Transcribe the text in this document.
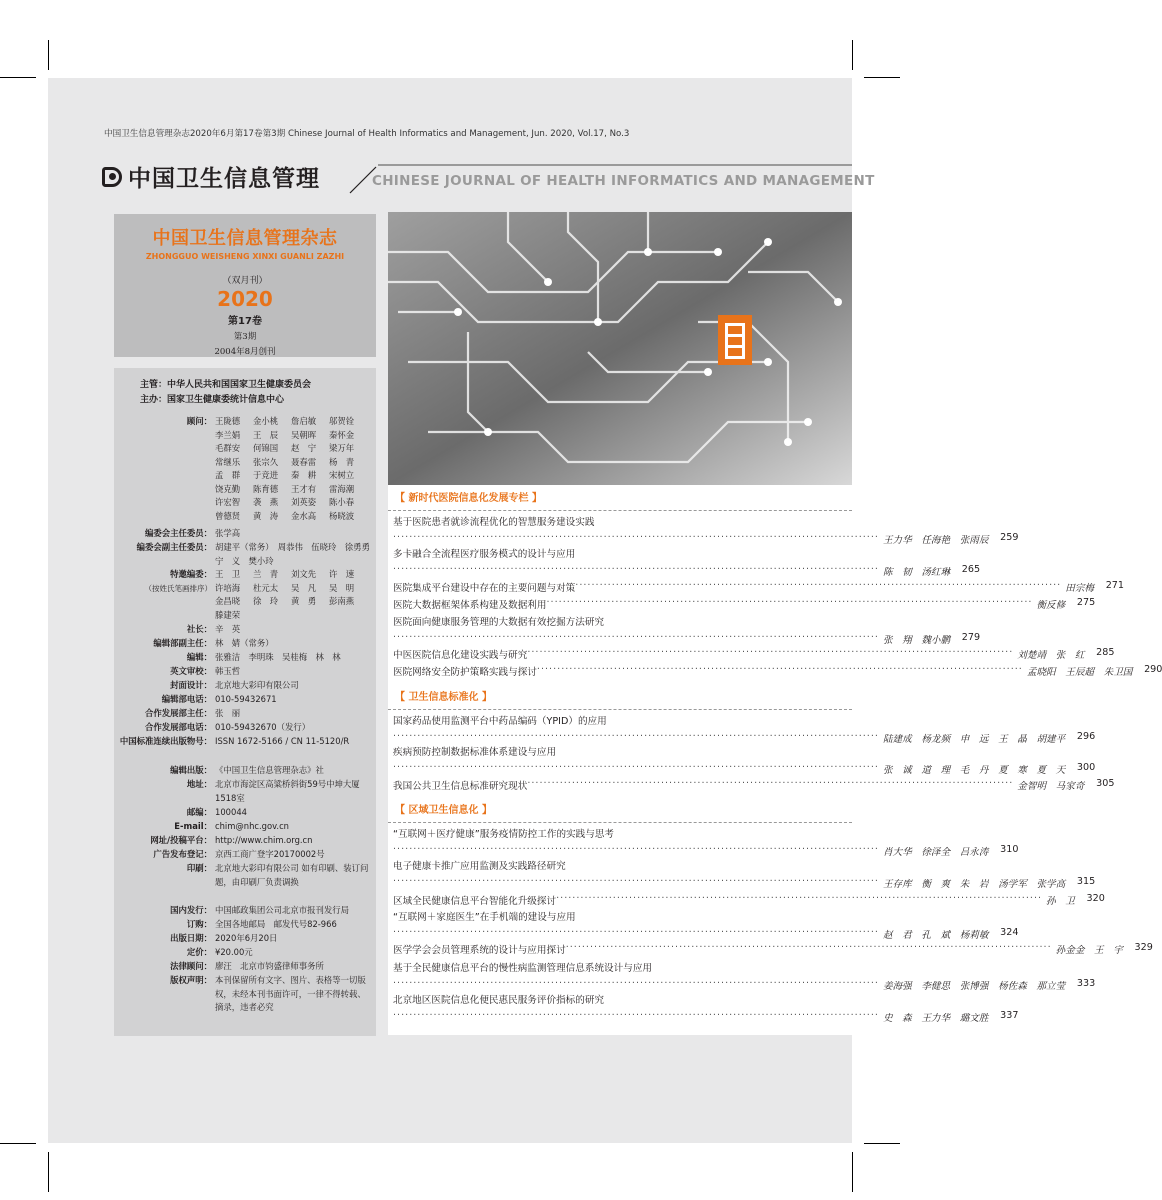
中国卫生信息管理杂志2020年6月第17卷第3期 Chinese Journal of Health Informatics and Management, Jun. 2020, Vol.17, No.3
中国卫生信息管理	CHINESE JOURNAL OF HEALTH INFORMATICS AND MANAGEMENT
中国卫生信息管理杂志
ZHONGGUO WEISHENG XINXI GUANLI ZAZHI
（双月刊）
2020
第17卷
第3期
2004年8月创刊
主管：中华人民共和国国家卫生健康委员会
主办：国家卫生健康委统计信息中心
顾问： 王陇德	金小桃	詹启敏	邬贺铨
李兰娟	王　辰	吴朝晖	秦怀金
毛群安	何锦国	赵　宁	梁万年
常继乐	张宗久	聂春雷	杨　青
孟　群	于竞进	秦　耕	宋树立
饶克勤	陈育德	王才有	雷海潮
许宏智	袭　燕	刘英姿	陈小春
曾德贤	黄　涛	金水高	杨晓波
编委会主任委员： 张学高
编委会副主任委员： 胡建平（常务）　周恭伟　伍晓玲　徐勇勇　宁　义　樊小玲
特邀编委：
（按姓氏笔画排序）
王　卫	兰　青	刘文先	许　速
许培海	杜元太	吴　凡	吴　明
金昌晓	徐　玲	黄　勇	彭南燕
滕建荣
社长： 辛　英
编辑部副主任： 林　婧（常务）
编辑： 张雅洁　李明珠　吴桂梅　林　林
英文审校： 韩玉哲
封面设计： 北京地大彩印有限公司
编辑部电话： 010-59432671
合作发展部主任： 张　丽
合作发展部电话： 010-59432670（发行）
中国标准连续出版物号： ISSN 1672-5166 / CN 11-5120/R
编辑出版： 《中国卫生信息管理杂志》社
地址： 北京市海淀区高粱桥斜街59号中坤大厦1518室
邮编： 100044
E-mail： chim@nhc.gov.cn
网址/投稿平台： http://www.chim.org.cn
广告发布登记： 京西工商广登字20170002号
印刷： 北京地大彩印有限公司 如有印刷、装订问题，由印刷厂负责调换
国内发行： 中国邮政集团公司北京市报刊发行局
订购： 全国各地邮局　邮发代号82-966
出版日期： 2020年6月20日
定价： ¥20.00元
法律顾问： 廖汪　北京市钧盛律师事务所
版权声明： 本刊保留所有文字、图片、表格等一切版权，未经本刊书面许可，一律不得转载、摘录，违者必究
【 新时代医院信息化发展专栏 】
基于医院患者就诊流程优化的智慧服务建设实践
························································································································ 王力华　任海艳　张雨辰	259
多卡融合全流程医疗服务模式的设计与应用
························································································································ 陈　韧　汤红琳	265
医院集成平台建设中存在的主要问题与对策 ························································································································ 田宗梅	271
医院大数据框架体系构建及数据利用 ························································································································ 衡反修	275
医院面向健康服务管理的大数据有效挖掘方法研究
························································································································ 张　翔　魏小鹏	279
中医医院信息化建设实践与研究 ························································································································ 刘楚靖　张　红	285
医院网络安全防护策略实践与探讨 ························································································································ 孟晓阳　王辰超　朱卫国	290
【 卫生信息标准化 】
国家药品使用监测平台中药品编码（YPID）的应用
························································································································ 陆建成　杨龙频　申　远　王　晶　胡建平	296
疾病预防控制数据标准体系建设与应用
························································································································ 张　诚　道　理　毛　丹　夏　寒　夏　天	300
我国公共卫生信息标准研究现状 ························································································································ 金智明　马家奇	305
【 区域卫生信息化 】
“互联网＋医疗健康”服务疫情防控工作的实践与思考
························································································································ 肖大华　徐泽全　吕永涛	310
电子健康卡推广应用监测及实践路径研究
························································································································ 王存库　衡　爽　朱　岩　汤学军　张学高	315
区域全民健康信息平台智能化升级探讨 ························································································································ 孙　卫	320
“互联网＋家庭医生”在手机端的建设与应用
························································································································ 赵　君　孔　斌　杨莉敏	324
医学学会会员管理系统的设计与应用探讨 ························································································································ 孙金金　王　宇	329
基于全民健康信息平台的慢性病监测管理信息系统设计与应用
························································································································ 姜海强　李健思　张博强　杨佐森　那立莹	333
北京地区医院信息化便民惠民服务评价指标的研究
························································································································ 史　森　王力华　璐文胜	337
